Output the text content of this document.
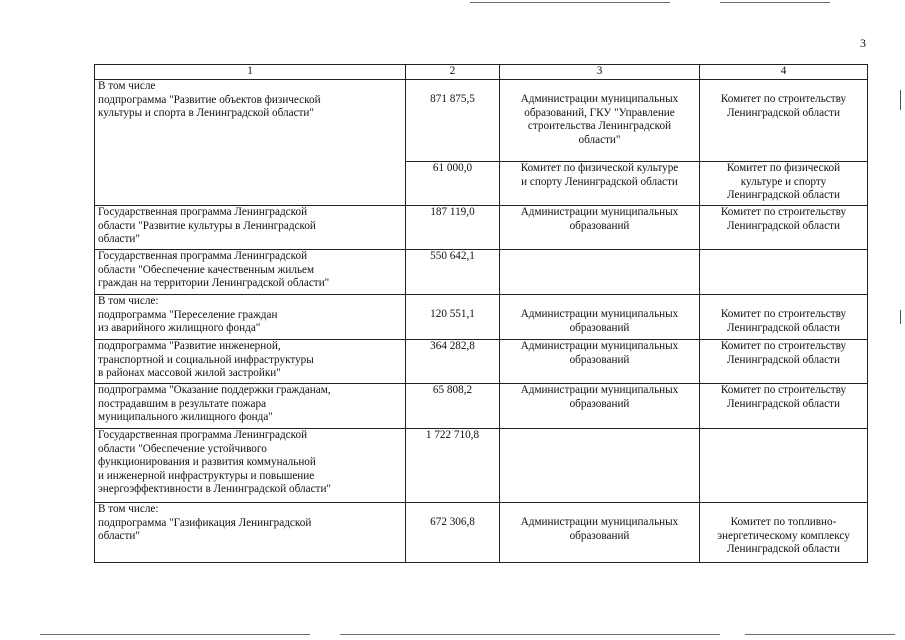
3
1	2	3	4

В том числе
подпрограмма "Развитие объектов физической
культуры и спорта в Ленинградской области"	871 875,5	Администрации муниципальных
образований, ГКУ "Управление
строительства Ленинградской
области"	Комитет по строительству
Ленинградской области

	61 000,0	Комитет по физической культуре
и спорту Ленинградской области	Комитет по физической
культуре и спорту
Ленинградской области

Государственная программа Ленинградской
области "Развитие культуры в Ленинградской
области"	187 119,0	Администрации муниципальных
образований	Комитет по строительству
Ленинградской области

Государственная программа Ленинградской
области "Обеспечение качественным жильем
граждан на территории Ленинградской области"	550 642,1		

В том числе:
подпрограмма "Переселение граждан
из аварийного жилищного фонда"	120 551,1	Администрации муниципальных
образований	Комитет по строительству
Ленинградской области

подпрограмма "Развитие инженерной,
транспортной и социальной инфраструктуры
в районах массовой жилой застройки"	364 282,8	Администрации муниципальных
образований	Комитет по строительству
Ленинградской области

подпрограмма "Оказание поддержки гражданам,
пострадавшим в результате пожара
муниципального жилищного фонда"	65 808,2	Администрации муниципальных
образований	Комитет по строительству
Ленинградской области

Государственная программа Ленинградской
области "Обеспечение устойчивого
функционирования и развития коммунальной
и инженерной инфраструктуры и повышение
энергоэффективности в Ленинградской области"	1 722 710,8		

В том числе:
подпрограмма "Газификация Ленинградской
области"	672 306,8	Администрации муниципальных
образований	Комитет по топливно-
энергетическому комплексу
Ленинградской области
